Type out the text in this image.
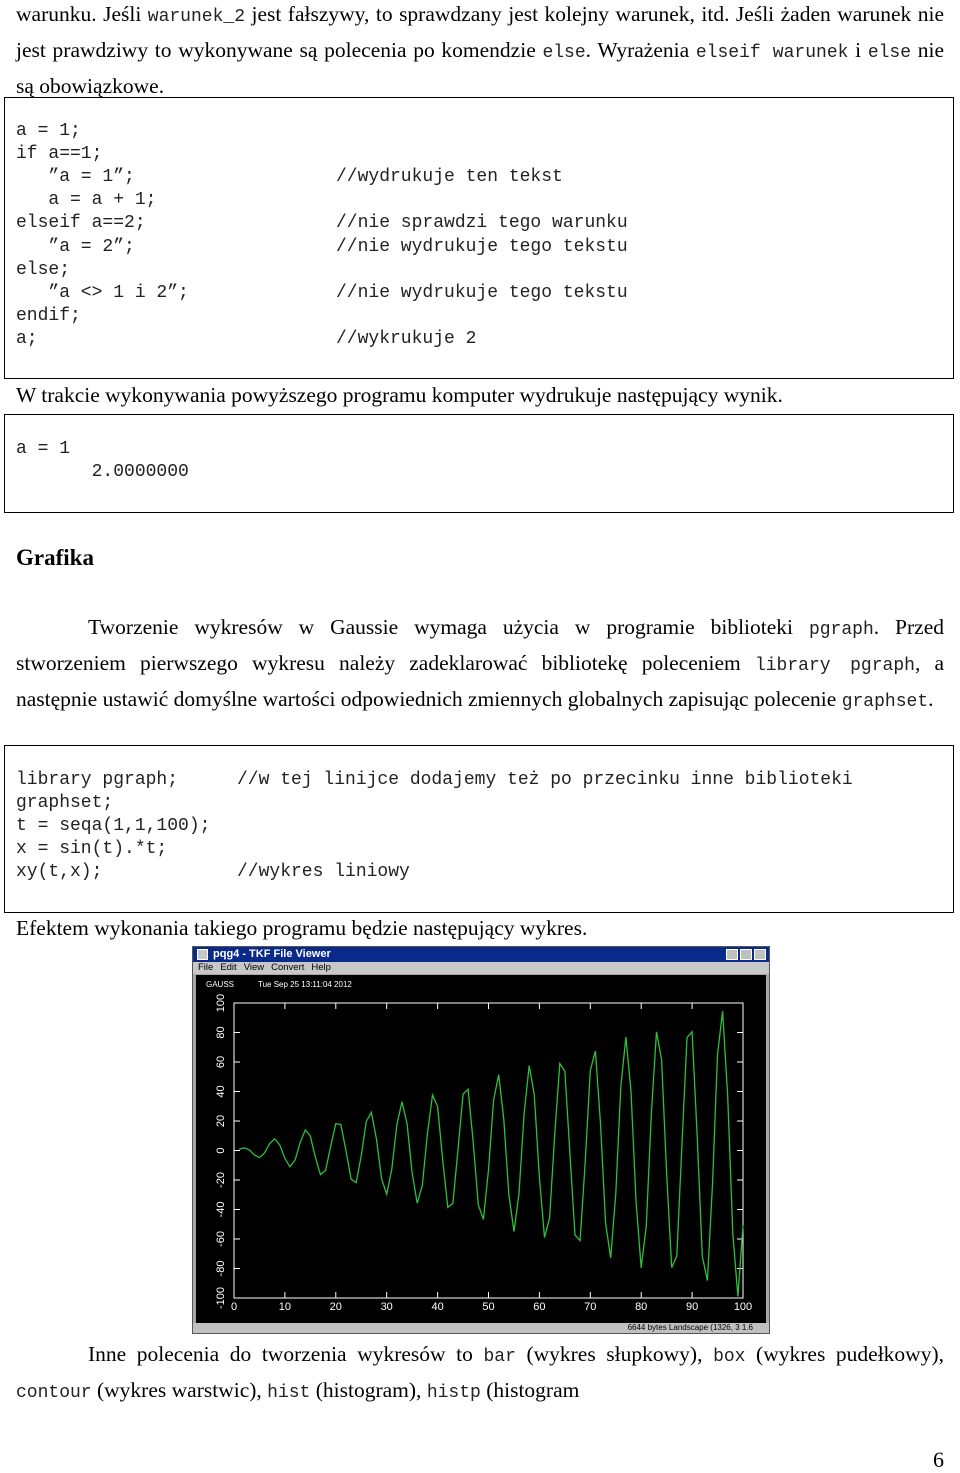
warunku. Jeśli warunek_2 jest fałszywy, to sprawdzany jest kolejny warunek, itd. Jeśli żaden warunek nie jest prawdziwy to wykonywane są polecenia po komendzie else. Wyrażenia elseif warunek i else nie są obowiązkowe.
a = 1;
if a==1;
”a = 1”;	//wydrukuje ten tekst
a = a + 1;
elseif a==2;	//nie sprawdzi tego warunku
”a = 2”;	//nie wydrukuje tego tekstu
else;
”a <> 1 i 2”;	//nie wydrukuje tego tekstu
endif;
a;	//wykrukuje 2
W trakcie wykonywania powyższego programu komputer wydrukuje następujący wynik.
a = 1
2.0000000
Grafika
Tworzenie wykresów w Gaussie wymaga użycia w programie biblioteki pgraph. Przed stworzeniem pierwszego wykresu należy zadeklarować bibliotekę poleceniem library pgraph, a następnie ustawić domyślne wartości odpowiednich zmiennych globalnych zapisując polecenie graphset.
library pgraph;	//w tej linijce dodajemy też po przecinku inne biblioteki
graphset;
t = seqa(1,1,100);
x = sin(t).*t;
xy(t,x);	//wykres liniowy
Efektem wykonania takiego programu będzie następujący wykres.
pqg4 - TKF File Viewer
File Edit View Convert Help
GAUSS	Tue Sep 25 13:11:04 2012
0	10	20	30	40	50	60	70	80	90	100
-100
-80
-60
-40
-20
0
20
40
60
80
100
6644 bytes Landscape (1326, 3 1.6
Inne polecenia do tworzenia wykresów to bar (wykres słupkowy), box (wykres pudełkowy), contour (wykres warstwic), hist (histogram), histp (histogram
6
